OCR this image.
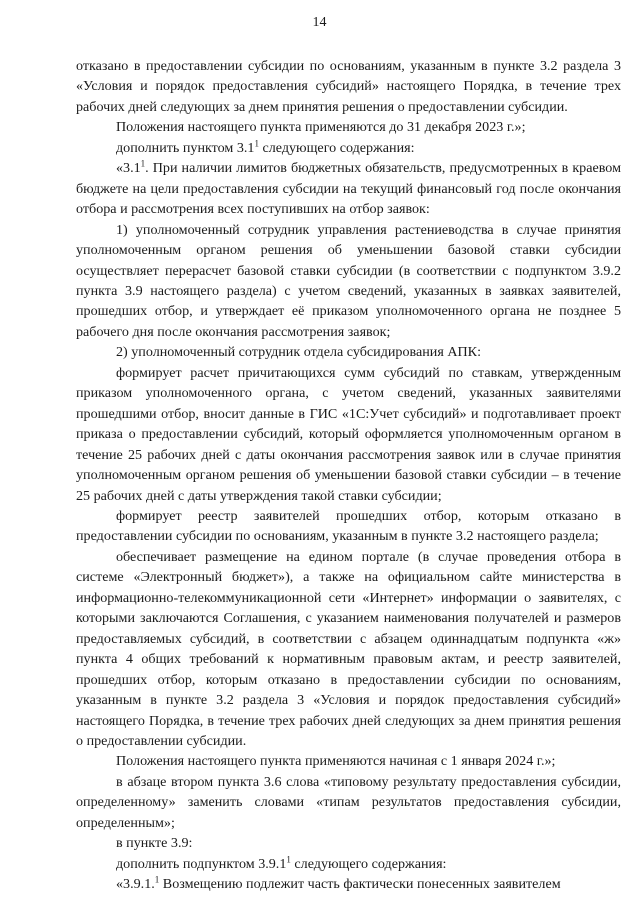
14

отказано в предоставлении субсидии по основаниям, указанным в пункте 3.2 раздела 3 «Условия и порядок предоставления субсидий» настоящего Порядка, в течение трех рабочих дней следующих за днем принятия решения о предоставлении субсидии.

Положения настоящего пункта применяются до 31 декабря 2023 г.»;

дополнить пунктом $3.1^1$ следующего содержания:

«$3.1^1$. При наличии лимитов бюджетных обязательств, предусмотренных в краевом бюджете на цели предоставления субсидии на текущий финансовый год после окончания отбора и рассмотрения всех поступивших на отбор заявок:

1) уполномоченный сотрудник управления растениеводства в случае принятия уполномоченным органом решения об уменьшении базовой ставки субсидии осуществляет перерасчет базовой ставки субсидии (в соответствии с подпунктом 3.9.2 пункта 3.9 настоящего раздела) с учетом сведений, указанных в заявках заявителей, прошедших отбор, и утверждает её приказом уполномоченного органа не позднее 5 рабочего дня после окончания рассмотрения заявок;

2) уполномоченный сотрудник отдела субсидирования АПК:

формирует расчет причитающихся сумм субсидий по ставкам, утвержденным приказом уполномоченного органа, с учетом сведений, указанных заявителями прошедшими отбор, вносит данные в ГИС «1С:Учет субсидий» и подготавливает проект приказа о предоставлении субсидий, который оформляется уполномоченным органом в течение 25 рабочих дней с даты окончания рассмотрения заявок или в случае принятия уполномоченным органом решения об уменьшении базовой ставки субсидии – в течение 25 рабочих дней с даты утверждения такой ставки субсидии;

формирует реестр заявителей прошедших отбор, которым отказано в предоставлении субсидии по основаниям, указанным в пункте 3.2 настоящего раздела;

обеспечивает размещение на едином портале (в случае проведения отбора в системе «Электронный бюджет»), а также на официальном сайте министерства в информационно-телекоммуникационной сети «Интернет» информации о заявителях, с которыми заключаются Соглашения, с указанием наименования получателей и размеров предоставляемых субсидий, в соответствии с абзацем одиннадцатым подпункта «ж» пункта 4 общих требований к нормативным правовым актам, и реестр заявителей, прошедших отбор, которым отказано в предоставлении субсидии по основаниям, указанным в пункте 3.2 раздела 3 «Условия и порядок предоставления субсидий» настоящего Порядка, в течение трех рабочих дней следующих за днем принятия решения о предоставлении субсидии.

Положения настоящего пункта применяются начиная с 1 января 2024 г.»;

в абзаце втором пункта 3.6 слова «типовому результату предоставления субсидии, определенному» заменить словами «типам результатов предоставления субсидии, определенным»;

в пункте 3.9:

дополнить подпунктом 3.9.1$^1$ следующего содержания:

«3.9.1.$^1$ Возмещению подлежит часть фактически понесенных заявителем
